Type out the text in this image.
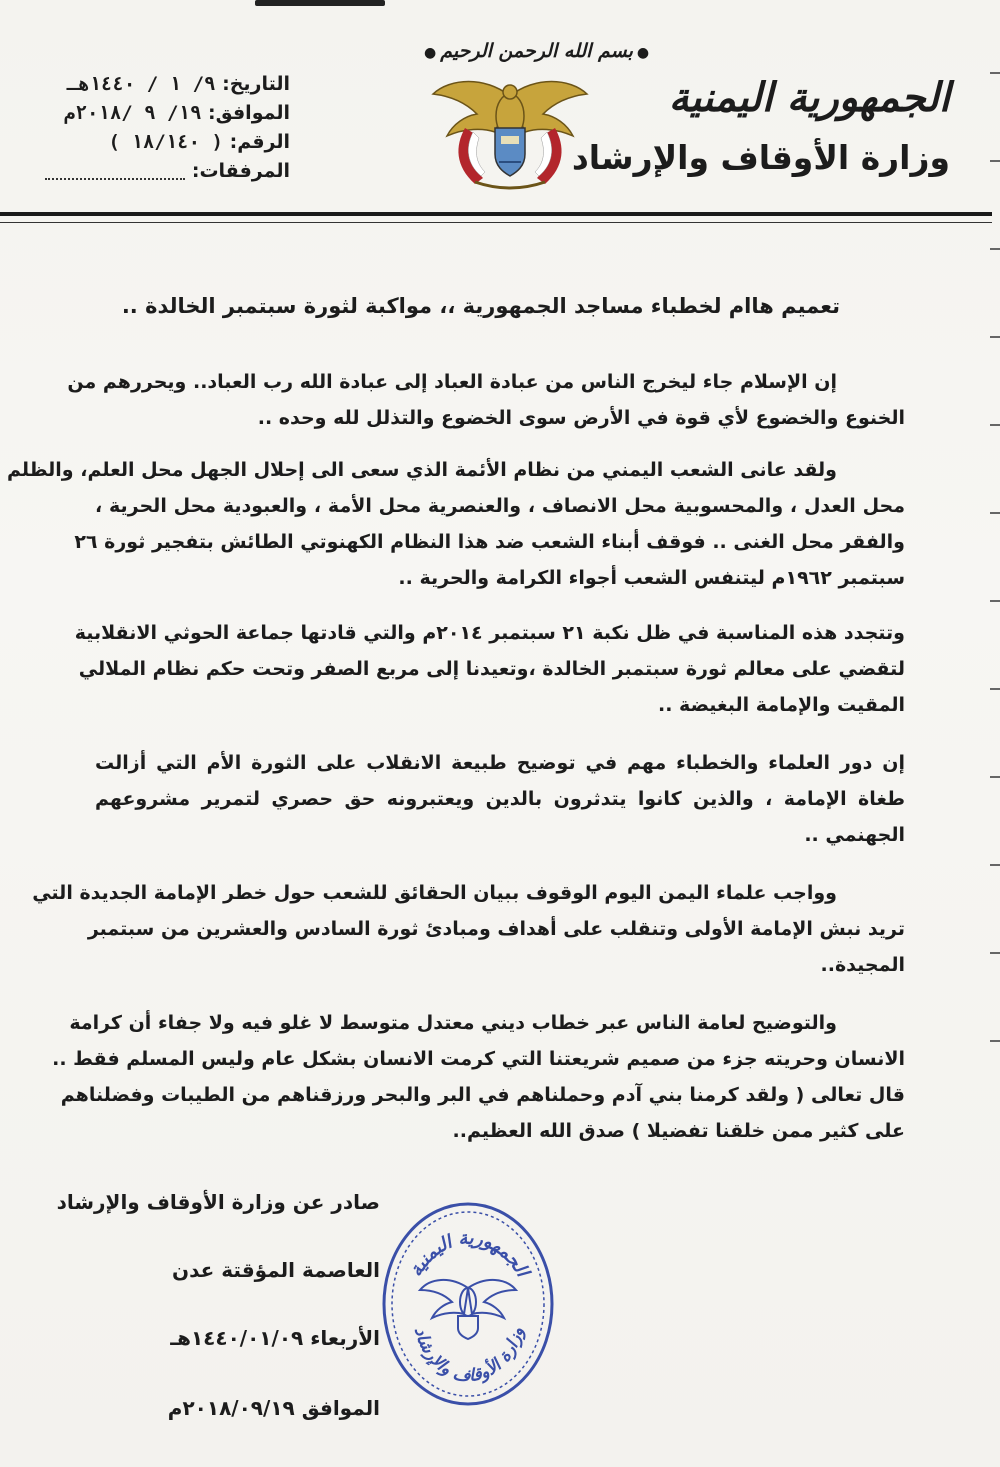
الجمهورية اليمنية
وزارة الأوقاف والإرشاد
●بسم الله الرحمن الرحيم●
التاريخ: ٩/ ١ / ١٤٤٠هـ
الموافق: ١٩/ ٩ /٢٠١٨م
الرقم: ( ١٨/١٤٠ )
المرفقات:
تعميم هاام لخطباء مساجد الجمهورية ،، مواكبة لثورة سبتمبر الخالدة ..
إن الإسلام جاء ليخرج الناس من عبادة العباد إلى عبادة الله رب العباد.. ويحررهم من
الخنوع والخضوع لأي قوة في الأرض سوى الخضوع والتذلل لله وحده ..
ولقد عانى الشعب اليمني من نظام الأئمة الذي سعى الى إحلال الجهل محل العلم، والظلم
محل العدل ، والمحسوبية محل الانصاف ، والعنصرية محل الأمة ، والعبودية محل الحرية ،
والفقر محل الغنى .. فوقف أبناء الشعب ضد هذا النظام الكهنوتي الطائش بتفجير ثورة ٢٦
سبتمبر ١٩٦٢م ليتنفس الشعب أجواء الكرامة والحرية ..
وتتجدد هذه المناسبة في ظل نكبة ٢١ سبتمبر ٢٠١٤م والتي قادتها جماعة الحوثي الانقلابية
لتقضي على معالم ثورة سبتمبر الخالدة ،وتعيدنا إلى مربع الصفر وتحت حكم نظام الملالي
المقيت والإمامة البغيضة ..
إن دور العلماء والخطباء مهم في توضيح طبيعة الانقلاب على الثورة الأم التي أزالت
طغاة الإمامة ، والذين كانوا يتدثرون بالدين ويعتبرونه حق حصري لتمرير مشروعهم
الجهنمي ..
وواجب علماء اليمن اليوم الوقوف ببيان الحقائق للشعب حول خطر الإمامة الجديدة التي
تريد نبش الإمامة الأولى وتنقلب على أهداف ومبادئ ثورة السادس والعشرين من سبتمبر
المجيدة..
والتوضيح لعامة الناس عبر خطاب ديني معتدل متوسط لا غلو فيه ولا جفاء أن كرامة
الانسان وحريته جزء من صميم شريعتنا التي كرمت الانسان بشكل عام وليس المسلم فقط ..
قال تعالى ( ولقد كرمنا بني آدم وحملناهم في البر والبحر ورزقناهم من الطيبات وفضلناهم
على كثير ممن خلقنا تفضيلا ) صدق الله العظيم..
صادر عن وزارة الأوقاف والإرشاد
العاصمة المؤقتة عدن
الأربعاء ١٤٤٠/٠١/٠٩هـ
الموافق ٢٠١٨/٠٩/١٩م
الجمهورية اليمنية
وزارة الأوقاف والإرشاد
